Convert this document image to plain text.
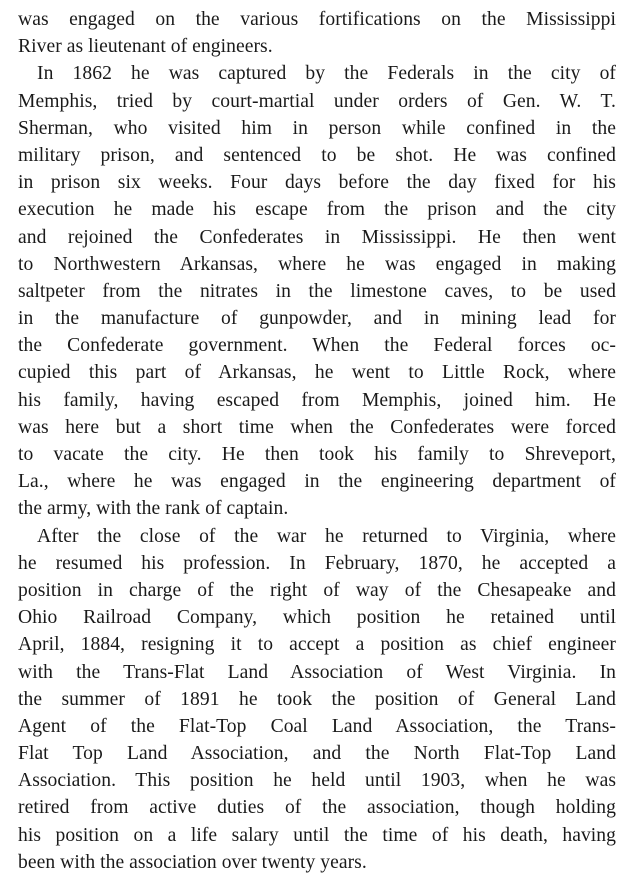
was engaged on the various fortifications on the Mississippi
River as lieutenant of engineers.

In 1862 he was captured by the Federals in the city of
Memphis, tried by court-martial under orders of Gen. W. T.
Sherman, who visited him in person while confined in the
military prison, and sentenced to be shot. He was confined
in prison six weeks. Four days before the day fixed for his
execution he made his escape from the prison and the city
and rejoined the Confederates in Mississippi. He then went
to Northwestern Arkansas, where he was engaged in making
saltpeter from the nitrates in the limestone caves, to be used
in the manufacture of gunpowder, and in mining lead for
the Confederate government. When the Federal forces oc-
cupied this part of Arkansas, he went to Little Rock, where
his family, having escaped from Memphis, joined him. He
was here but a short time when the Confederates were forced
to vacate the city. He then took his family to Shreveport,
La., where he was engaged in the engineering department of
the army, with the rank of captain.

After the close of the war he returned to Virginia, where
he resumed his profession. In February, 1870, he accepted a
position in charge of the right of way of the Chesapeake and
Ohio Railroad Company, which position he retained until
April, 1884, resigning it to accept a position as chief engineer
with the Trans-Flat Land Association of West Virginia. In
the summer of 1891 he took the position of General Land
Agent of the Flat-Top Coal Land Association, the Trans-
Flat Top Land Association, and the North Flat-Top Land
Association. This position he held until 1903, when he was
retired from active duties of the association, though holding
his position on a life salary until the time of his death, having
been with the association over twenty years.
